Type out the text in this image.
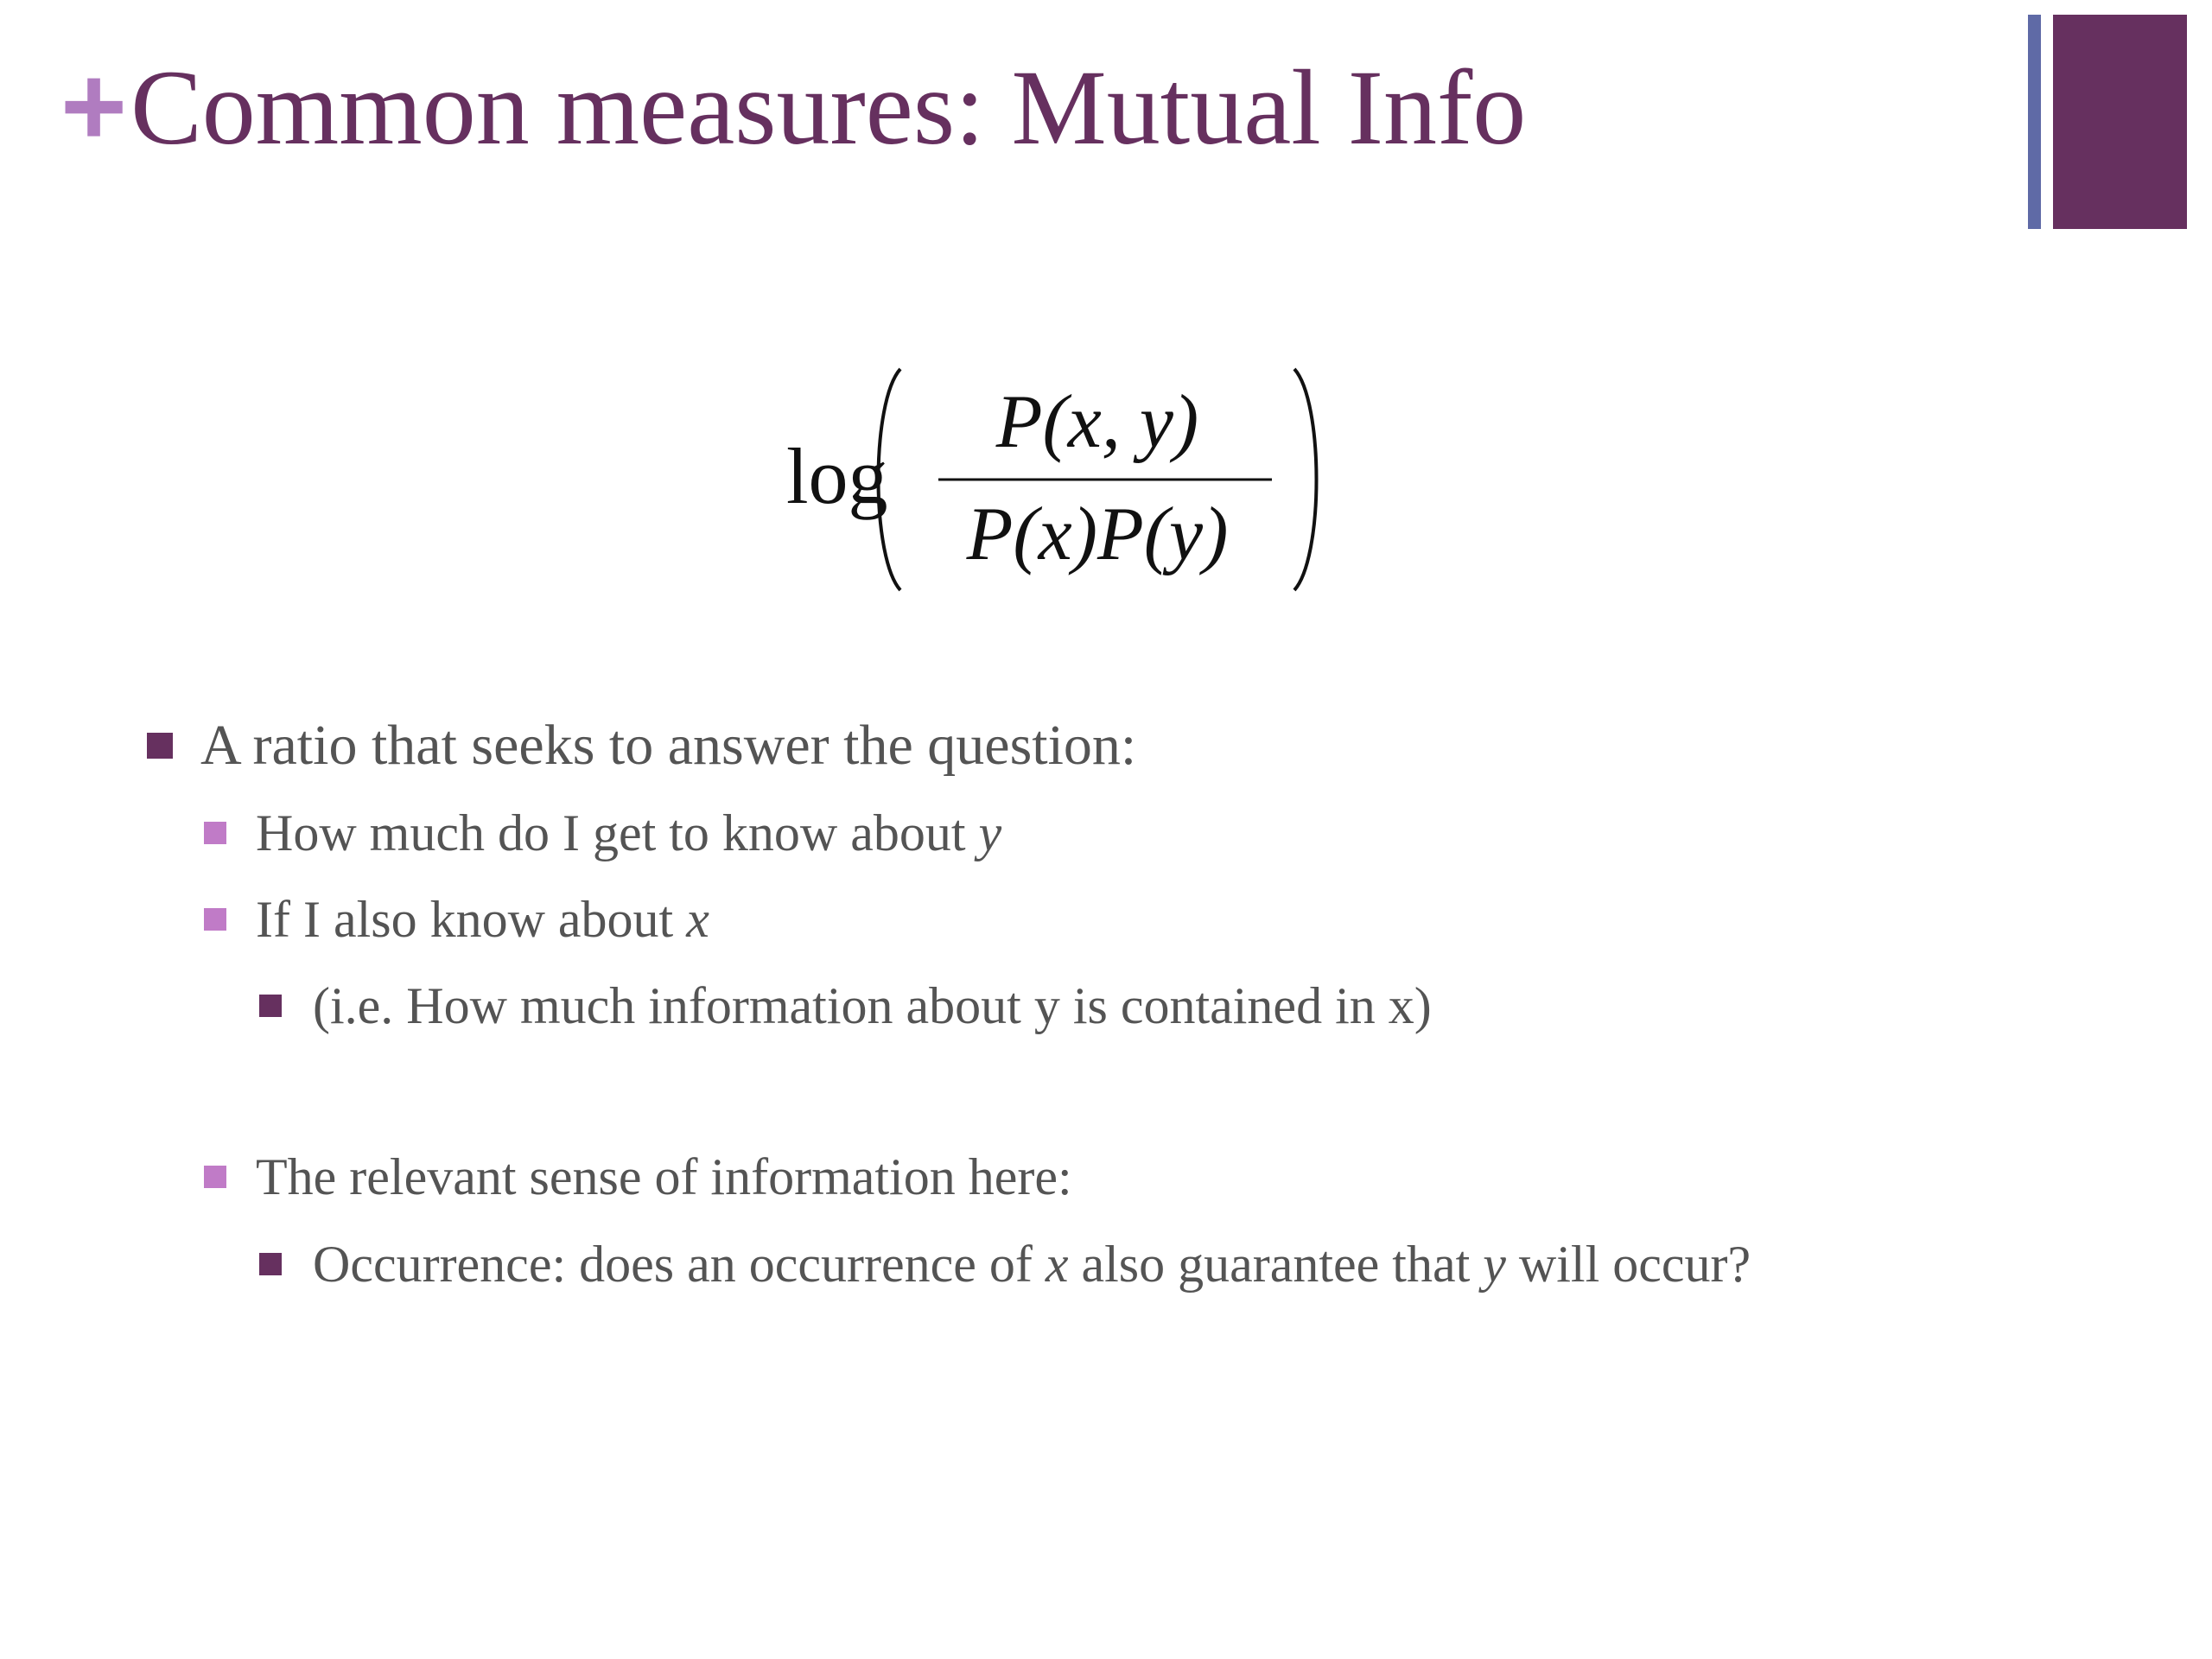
+ Common measures: Mutual Info
log
P(x, y)
P(x)P(y)
A ratio that seeks to answer the question:
How much do I get to know about y
If I also know about x
(i.e. How much information about y is contained in x)
The relevant sense of information here:
Occurrence: does an occurrence of x also guarantee that y will occur?
